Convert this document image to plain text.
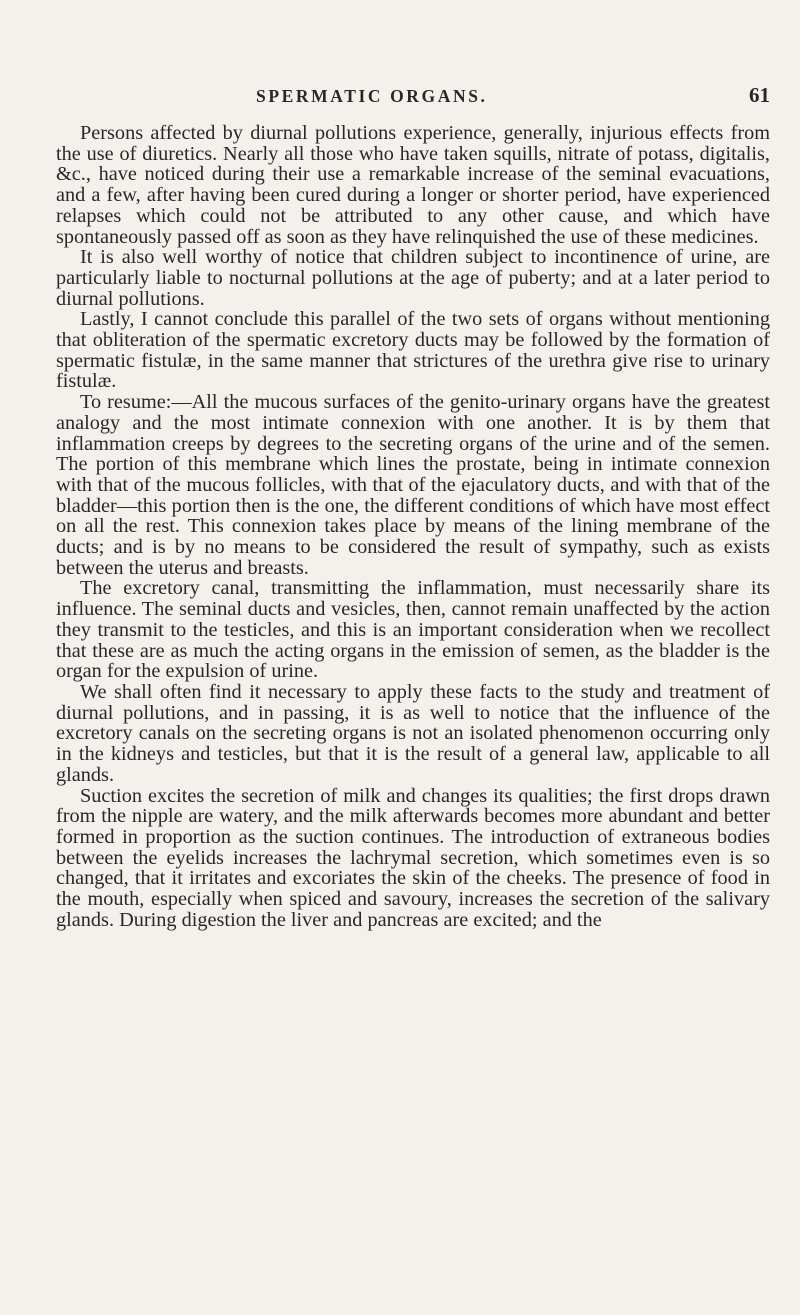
SPERMATIC ORGANS.	61

Persons affected by diurnal pollutions experience, generally, injurious effects from the use of diuretics. Nearly all those who have taken squills, nitrate of potass, digitalis, &c., have noticed during their use a remarkable increase of the seminal evacuations, and a few, after having been cured during a longer or shorter period, have experienced relapses which could not be attributed to any other cause, and which have spontaneously passed off as soon as they have relinquished the use of these medicines.

It is also well worthy of notice that children subject to incontinence of urine, are particularly liable to nocturnal pollutions at the age of puberty; and at a later period to diurnal pollutions.

Lastly, I cannot conclude this parallel of the two sets of organs without mentioning that obliteration of the spermatic excretory ducts may be followed by the formation of spermatic fistulæ, in the same manner that strictures of the urethra give rise to urinary fistulæ.

To resume:—All the mucous surfaces of the genito-urinary organs have the greatest analogy and the most intimate connexion with one another. It is by them that inflammation creeps by degrees to the secreting organs of the urine and of the semen. The portion of this membrane which lines the prostate, being in intimate connexion with that of the mucous follicles, with that of the ejaculatory ducts, and with that of the bladder—this portion then is the one, the different conditions of which have most effect on all the rest. This connexion takes place by means of the lining membrane of the ducts; and is by no means to be considered the result of sympathy, such as exists between the uterus and breasts.

The excretory canal, transmitting the inflammation, must necessarily share its influence. The seminal ducts and vesicles, then, cannot remain unaffected by the action they transmit to the testicles, and this is an important consideration when we recollect that these are as much the acting organs in the emission of semen, as the bladder is the organ for the expulsion of urine.

We shall often find it necessary to apply these facts to the study and treatment of diurnal pollutions, and in passing, it is as well to notice that the influence of the excretory canals on the secreting organs is not an isolated phenomenon occurring only in the kidneys and testicles, but that it is the result of a general law, applicable to all glands.

Suction excites the secretion of milk and changes its qualities; the first drops drawn from the nipple are watery, and the milk afterwards becomes more abundant and better formed in proportion as the suction continues. The introduction of extraneous bodies between the eyelids increases the lachrymal secretion, which sometimes even is so changed, that it irritates and excoriates the skin of the cheeks. The presence of food in the mouth, especially when spiced and savoury, increases the secretion of the salivary glands. During digestion the liver and pancreas are excited; and the
